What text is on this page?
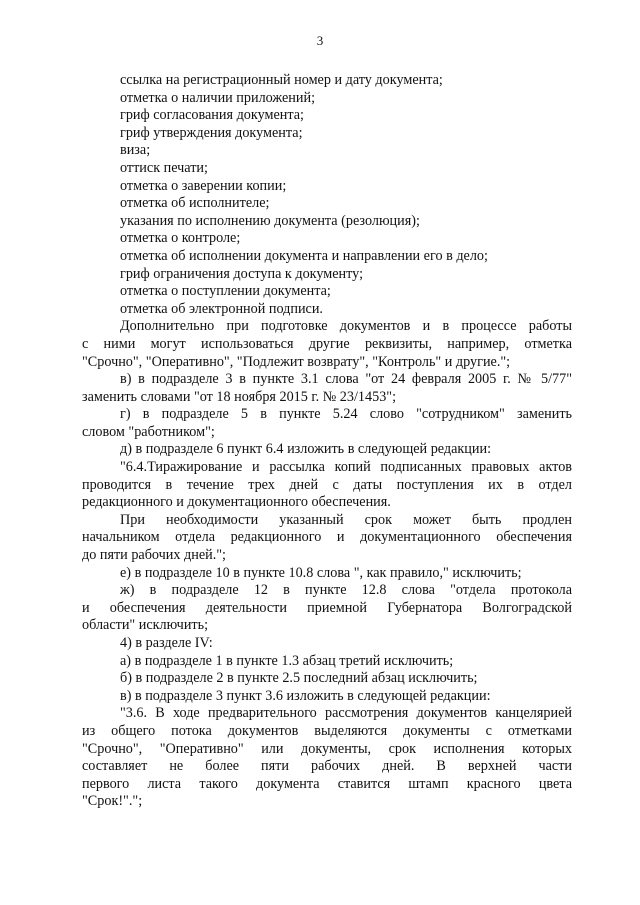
3
ссылка на регистрационный номер и дату документа;
отметка о наличии приложений;
гриф согласования документа;
гриф утверждения документа;
виза;
оттиск печати;
отметка о заверении копии;
отметка об исполнителе;
указания по исполнению документа (резолюция);
отметка о контроле;
отметка об исполнении документа и направлении его в дело;
гриф ограничения доступа к документу;
отметка о поступлении документа;
отметка об электронной подписи.
Дополнительно при подготовке документов и в процессе работы
с ними могут использоваться другие реквизиты, например, отметка
"Срочно", "Оперативно", "Подлежит возврату", "Контроль" и другие.";
в) в подразделе 3 в пункте 3.1 слова "от 24 февраля 2005 г. № 5/77"
заменить словами "от 18 ноября 2015 г. № 23/1453";
г) в подразделе 5 в пункте 5.24 слово "сотрудником" заменить
словом "работником";
д) в подразделе 6 пункт 6.4 изложить в следующей редакции:
"6.4.Тиражирование и рассылка копий подписанных правовых актов
проводится в течение трех дней с даты поступления их в отдел
редакционного и документационного обеспечения.
При необходимости указанный срок может быть продлен
начальником отдела редакционного и документационного обеспечения
до пяти рабочих дней.";
е) в подразделе 10 в пункте 10.8 слова ", как правило," исключить;
ж) в подразделе 12 в пункте 12.8 слова "отдела протокола
и обеспечения деятельности приемной Губернатора Волгоградской
области" исключить;
4) в разделе IV:
а) в подразделе 1 в пункте 1.3 абзац третий исключить;
б) в подразделе 2 в пункте 2.5 последний абзац исключить;
в) в подразделе 3 пункт 3.6 изложить в следующей редакции:
"3.6. В ходе предварительного рассмотрения документов канцелярией
из общего потока документов выделяются документы с отметками
"Срочно", "Оперативно" или документы, срок исполнения которых
составляет не более пяти рабочих дней. В верхней части
первого листа такого документа ставится штамп красного цвета
"Срок!".";
